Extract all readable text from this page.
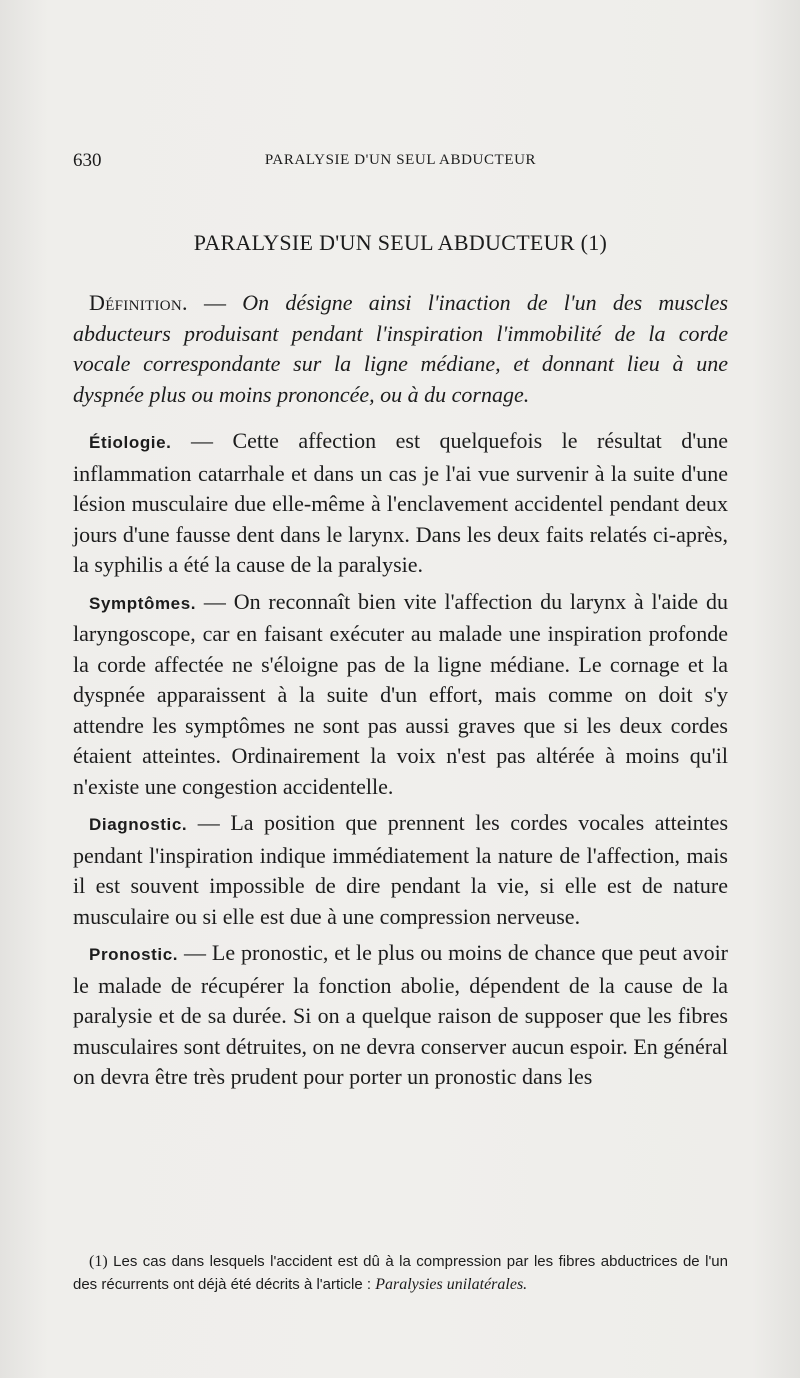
630	PARALYSIE D'UN SEUL ABDUCTEUR
PARALYSIE D'UN SEUL ABDUCTEUR (1)

Définition. — On désigne ainsi l'inaction de l'un des muscles abducteurs produisant pendant l'inspiration l'immobilité de la corde vocale correspondante sur la ligne médiane, et donnant lieu à une dyspnée plus ou moins prononcée, ou à du cornage.

Étiologie. — Cette affection est quelquefois le résultat d'une inflammation catarrhale et dans un cas je l'ai vue survenir à la suite d'une lésion musculaire due elle-même à l'enclavement accidentel pendant deux jours d'une fausse dent dans le larynx. Dans les deux faits relatés ci-après, la syphilis a été la cause de la paralysie.

Symptômes. — On reconnaît bien vite l'affection du larynx à l'aide du laryngoscope, car en faisant exécuter au malade une inspiration profonde la corde affectée ne s'éloigne pas de la ligne médiane. Le cornage et la dyspnée apparaissent à la suite d'un effort, mais comme on doit s'y attendre les symptômes ne sont pas aussi graves que si les deux cordes étaient atteintes. Ordinairement la voix n'est pas altérée à moins qu'il n'existe une congestion accidentelle.

Diagnostic. — La position que prennent les cordes vocales atteintes pendant l'inspiration indique immédiatement la nature de l'affection, mais il est souvent impossible de dire pendant la vie, si elle est de nature musculaire ou si elle est due à une compression nerveuse.

Pronostic. — Le pronostic, et le plus ou moins de chance que peut avoir le malade de récupérer la fonction abolie, dépendent de la cause de la paralysie et de sa durée. Si on a quelque raison de supposer que les fibres musculaires sont détruites, on ne devra conserver aucun espoir. En général on devra être très prudent pour porter un pronostic dans les

(1) Les cas dans lesquels l'accident est dû à la compression par les fibres abductrices de l'un des récurrents ont déjà été décrits à l'article : Paralysies unilatérales.
